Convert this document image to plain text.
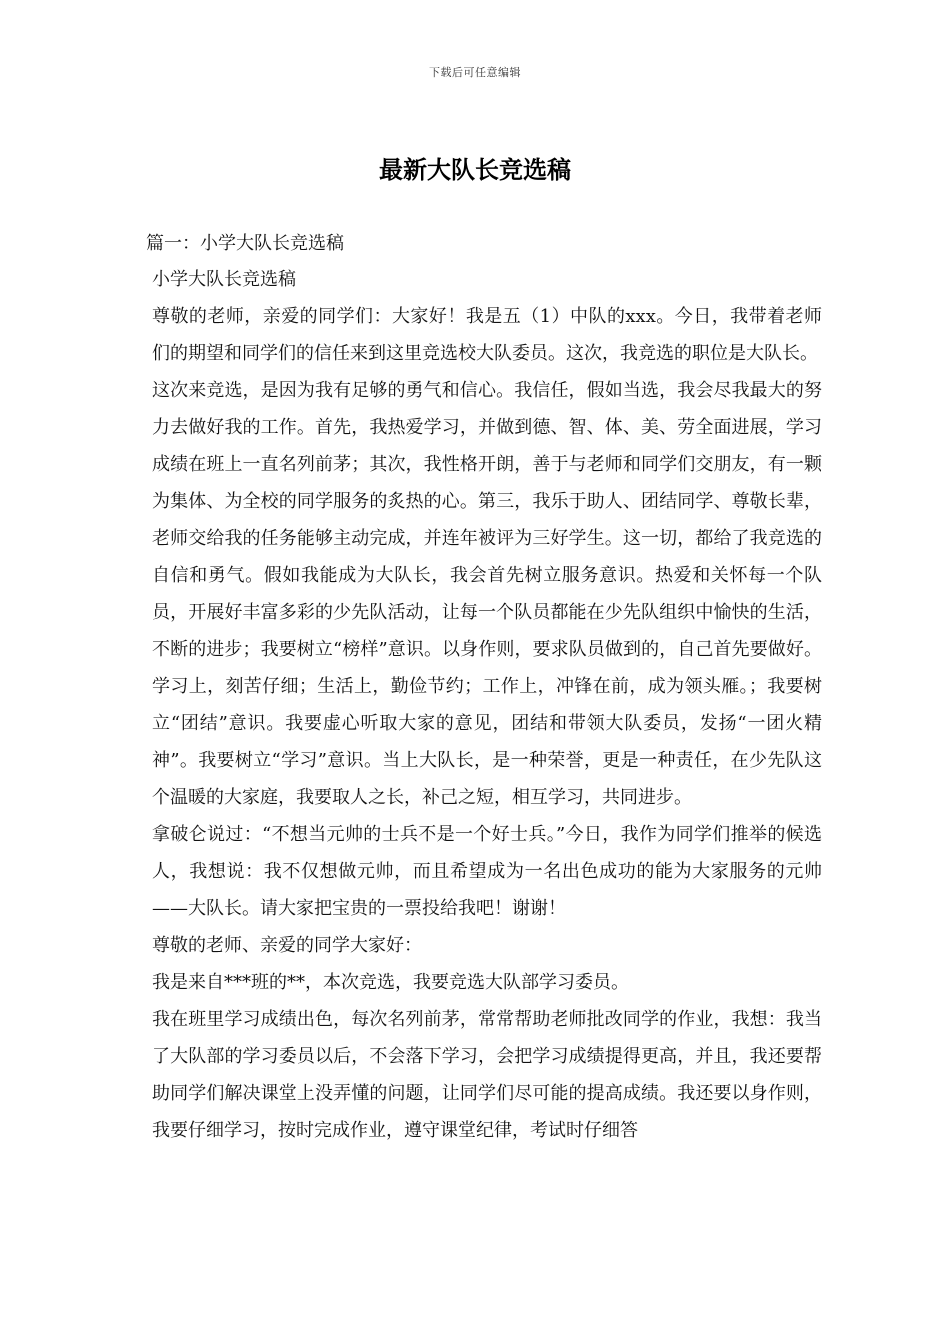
下载后可任意编辑
最新大队长竞选稿

篇一：小学大队长竞选稿

小学大队长竞选稿

尊敬的老师，亲爱的同学们：大家好！我是五（1）中队的xxx。今日，我带着老师们的期望和同学们的信任来到这里竞选校大队委员。这次，我竞选的职位是大队长。

这次来竞选，是因为我有足够的勇气和信心。我信任，假如当选，我会尽我最大的努力去做好我的工作。首先，我热爱学习，并做到德、智、体、美、劳全面进展，学习成绩在班上一直名列前茅；其次，我性格开朗，善于与老师和同学们交朋友，有一颗为集体、为全校的同学服务的炙热的心。第三，我乐于助人、团结同学、尊敬长辈，老师交给我的任务能够主动完成，并连年被评为三好学生。这一切，都给了我竞选的自信和勇气。假如我能成为大队长，我会首先树立服务意识。热爱和关怀每一个队员，开展好丰富多彩的少先队活动，让每一个队员都能在少先队组织中愉快的生活，不断的进步；我要树立“榜样”意识。以身作则，要求队员做到的，自己首先要做好。学习上，刻苦仔细；生活上，勤俭节约；工作上，冲锋在前，成为领头雁。；我要树立“团结”意识。我要虚心听取大家的意见，团结和带领大队委员，发扬“一团火精神”。我要树立“学习”意识。当上大队长，是一种荣誉，更是一种责任，在少先队这个温暖的大家庭，我要取人之长，补己之短，相互学习，共同进步。

拿破仑说过：“不想当元帅的士兵不是一个好士兵。”今日，我作为同学们推举的候选人，我想说：我不仅想做元帅，而且希望成为一名出色成功的能为大家服务的元帅——大队长。请大家把宝贵的一票投给我吧！谢谢！

尊敬的老师、亲爱的同学大家好：

我是来自***班的**，本次竞选，我要竞选大队部学习委员。

我在班里学习成绩出色，每次名列前茅，常常帮助老师批改同学的作业，我想：我当了大队部的学习委员以后，不会落下学习，会把学习成绩提得更高，并且，我还要帮助同学们解决课堂上没弄懂的问题，让同学们尽可能的提高成绩。我还要以身作则，我要仔细学习，按时完成作业，遵守课堂纪律，考试时仔细答
